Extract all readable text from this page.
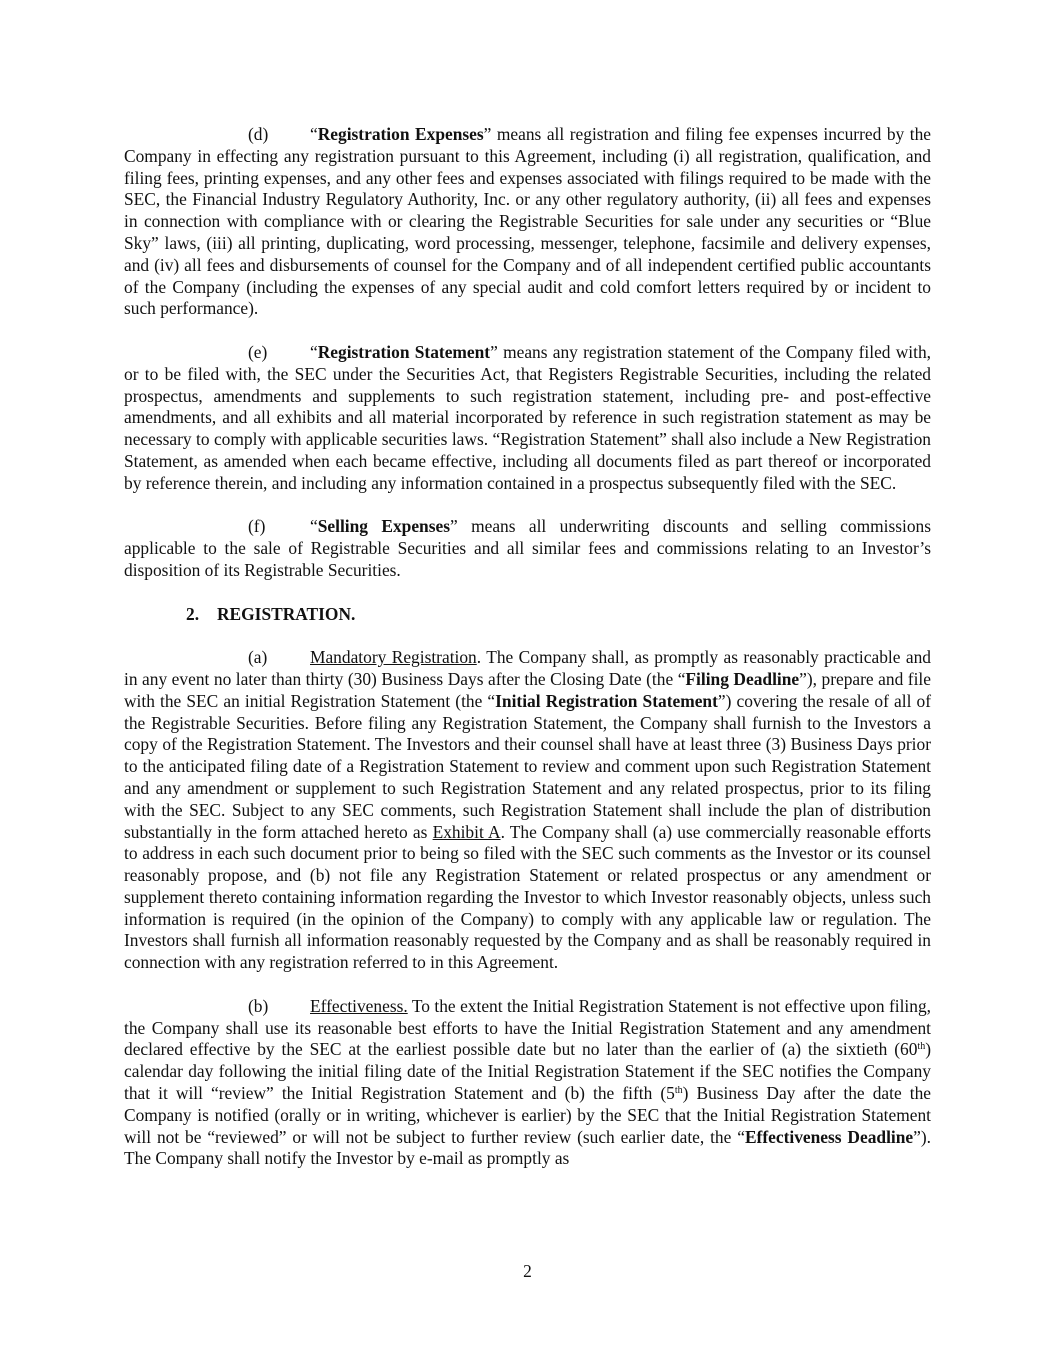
(d) “Registration Expenses” means all registration and filing fee expenses incurred by the Company in effecting any registration pursuant to this Agreement, including (i) all registration, qualification, and filing fees, printing expenses, and any other fees and expenses associated with filings required to be made with the SEC, the Financial Industry Regulatory Authority, Inc. or any other regulatory authority, (ii) all fees and expenses in connection with compliance with or clearing the Registrable Securities for sale under any securities or “Blue Sky” laws, (iii) all printing, duplicating, word processing, messenger, telephone, facsimile and delivery expenses, and (iv) all fees and disbursements of counsel for the Company and of all independent certified public accountants of the Company (including the expenses of any special audit and cold comfort letters required by or incident to such performance).

(e) “Registration Statement” means any registration statement of the Company filed with, or to be filed with, the SEC under the Securities Act, that Registers Registrable Securities, including the related prospectus, amendments and supplements to such registration statement, including pre- and post-effective amendments, and all exhibits and all material incorporated by reference in such registration statement as may be necessary to comply with applicable securities laws. “Registration Statement” shall also include a New Registration Statement, as amended when each became effective, including all documents filed as part thereof or incorporated by reference therein, and including any information contained in a prospectus subsequently filed with the SEC.

(f)	“Selling Expenses” means all underwriting discounts and selling commissions applicable to the sale of Registrable Securities and all similar fees and commissions relating to an Investor’s disposition of its Registrable Securities.

2. REGISTRATION.

(a) Mandatory Registration. The Company shall, as promptly as reasonably practicable and in any event no later than thirty (30) Business Days after the Closing Date (the “Filing Deadline”), prepare and file with the SEC an initial Registration Statement (the “Initial Registration Statement”) covering the resale of all of the Registrable Securities. Before filing any Registration Statement, the Company shall furnish to the Investors a copy of the Registration Statement. The Investors and their counsel shall have at least three (3) Business Days prior to the anticipated filing date of a Registration Statement to review and comment upon such Registration Statement and any amendment or supplement to such Registration Statement and any related prospectus, prior to its filing with the SEC. Subject to any SEC comments, such Registration Statement shall include the plan of distribution substantially in the form attached hereto as Exhibit A. The Company shall (a) use commercially reasonable efforts to address in each such document prior to being so filed with the SEC such comments as the Investor or its counsel reasonably propose, and (b) not file any Registration Statement or related prospectus or any amendment or supplement thereto containing information regarding the Investor to which Investor reasonably objects, unless such information is required (in the opinion of the Company) to comply with any applicable law or regulation. The Investors shall furnish all information reasonably requested by the Company and as shall be reasonably required in connection with any registration referred to in this Agreement.

(b) Effectiveness. To the extent the Initial Registration Statement is not effective upon filing, the Company shall use its reasonable best efforts to have the Initial Registration Statement and any amendment declared effective by the SEC at the earliest possible date but no later than the earlier of (a) the sixtieth (60th) calendar day following the initial filing date of the Initial Registration Statement if the SEC notifies the Company that it will “review” the Initial Registration Statement and (b) the fifth (5th) Business Day after the date the Company is notified (orally or in writing, whichever is earlier) by the SEC that the Initial Registration Statement will not be “reviewed” or will not be subject to further review (such earlier date, the “Effectiveness Deadline”). The Company shall notify the Investor by e-mail as promptly as

2
